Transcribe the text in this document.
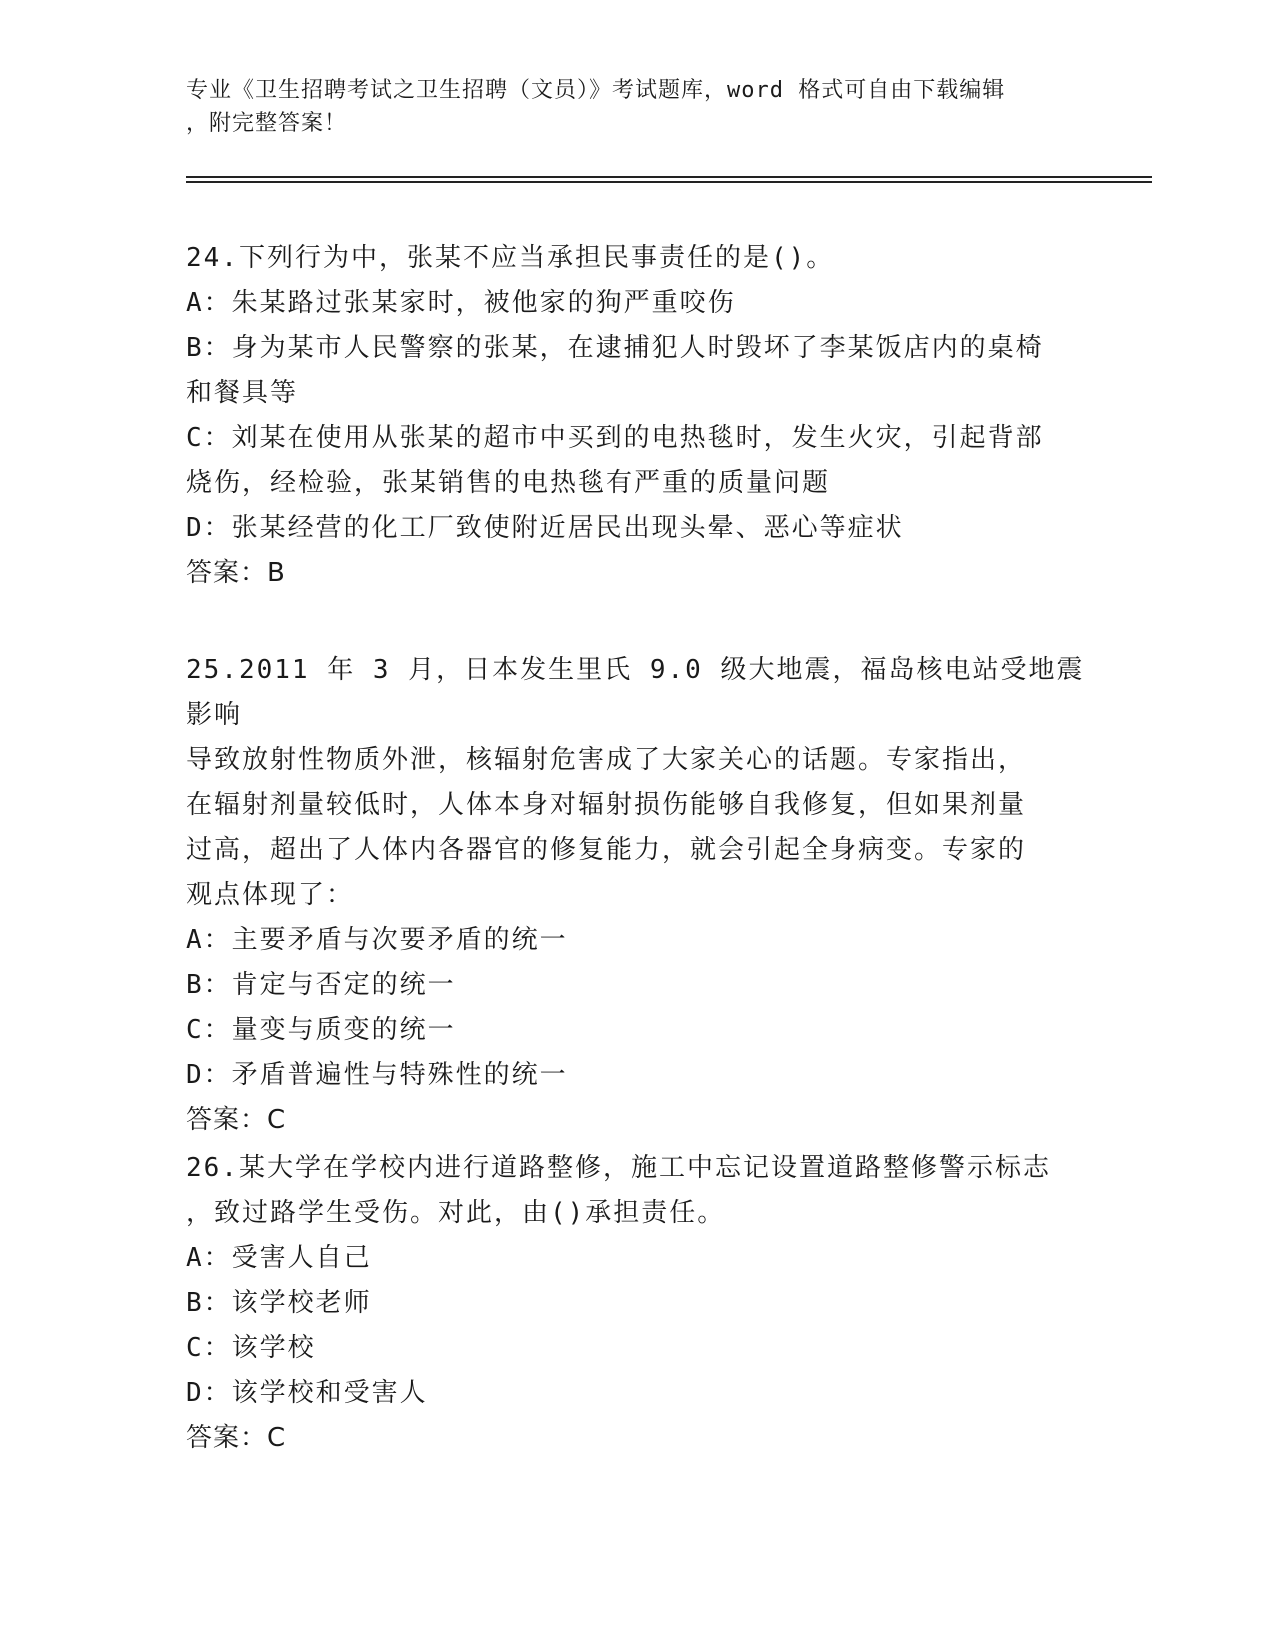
专业《卫生招聘考试之卫生招聘（文员）》考试题库，word 格式可自由下载编辑
，附完整答案！
24.下列行为中，张某不应当承担民事责任的是()。
A：朱某路过张某家时，被他家的狗严重咬伤
B：身为某市人民警察的张某，在逮捕犯人时毁坏了李某饭店内的桌椅
和餐具等
C：刘某在使用从张某的超市中买到的电热毯时，发生火灾，引起背部
烧伤，经检验，张某销售的电热毯有严重的质量问题
D：张某经营的化工厂致使附近居民出现头晕、恶心等症状
答案：B
25.2011 年 3 月，日本发生里氏 9.0 级大地震，福岛核电站受地震影响
导致放射性物质外泄，核辐射危害成了大家关心的话题。专家指出，
在辐射剂量较低时，人体本身对辐射损伤能够自我修复，但如果剂量
过高，超出了人体内各器官的修复能力，就会引起全身病变。专家的
观点体现了：
A：主要矛盾与次要矛盾的统一
B：肯定与否定的统一
C：量变与质变的统一
D：矛盾普遍性与特殊性的统一
答案：C
26.某大学在学校内进行道路整修，施工中忘记设置道路整修警示标志
，致过路学生受伤。对此，由()承担责任。
A：受害人自己
B：该学校老师
C：该学校
D：该学校和受害人
答案：C
